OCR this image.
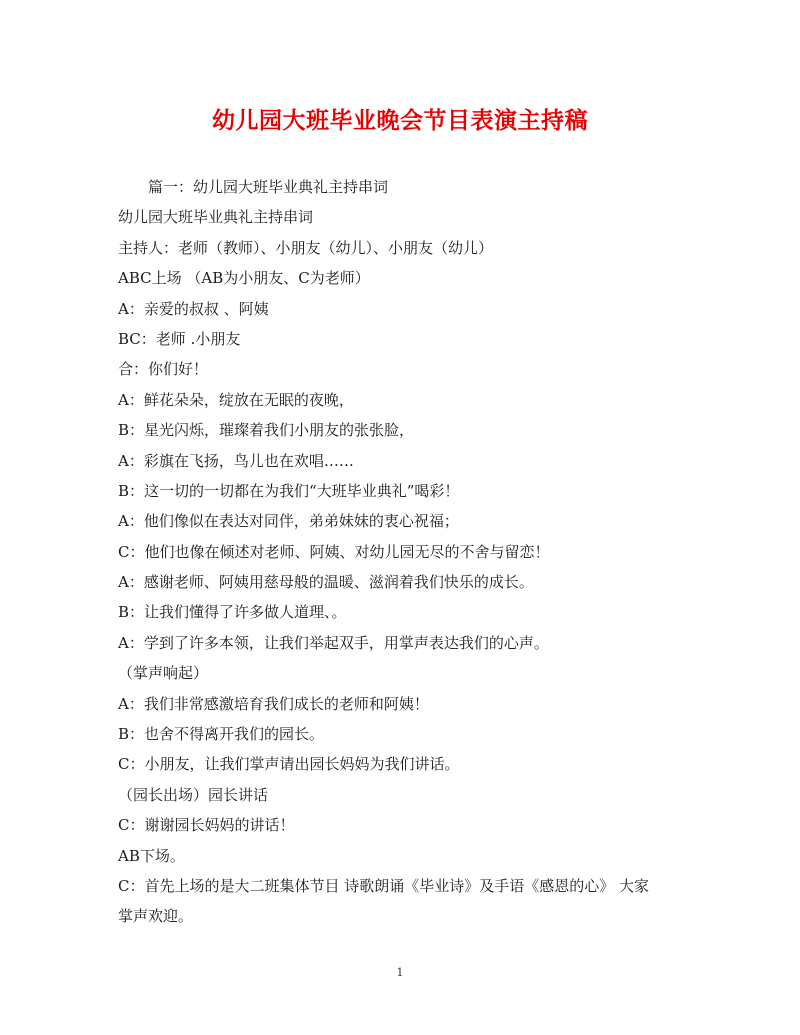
幼儿园大班毕业晚会节目表演主持稿
篇一：幼儿园大班毕业典礼主持串词
幼儿园大班毕业典礼主持串词
主持人：老师（教师）、小朋友（幼儿）、小朋友（幼儿）
ABC上场 （AB为小朋友、C为老师）
A：亲爱的叔叔 、阿姨
BC：老师 .小朋友
合：你们好！
A：鲜花朵朵，绽放在无眠的夜晚，
B：星光闪烁，璀璨着我们小朋友的张张脸，
A：彩旗在飞扬，鸟儿也在欢唱……
B：这一切的一切都在为我们“大班毕业典礼”喝彩！
A：他们像似在表达对同伴，弟弟妹妹的衷心祝福；
C：他们也像在倾述对老师、阿姨、对幼儿园无尽的不舍与留恋！
A：感谢老师、阿姨用慈母般的温暖、滋润着我们快乐的成长。
B：让我们懂得了许多做人道理、。
A：学到了许多本领，让我们举起双手，用掌声表达我们的心声。
（掌声响起）
A：我们非常感激培育我们成长的老师和阿姨！
B：也舍不得离开我们的园长。
C：小朋友，让我们掌声请出园长妈妈为我们讲话。
（园长出场）园长讲话
C：谢谢园长妈妈的讲话！
AB下场。
C：首先上场的是大二班集体节目 诗歌朗诵《毕业诗》及手语《感恩的心》 大家
掌声欢迎。
1
